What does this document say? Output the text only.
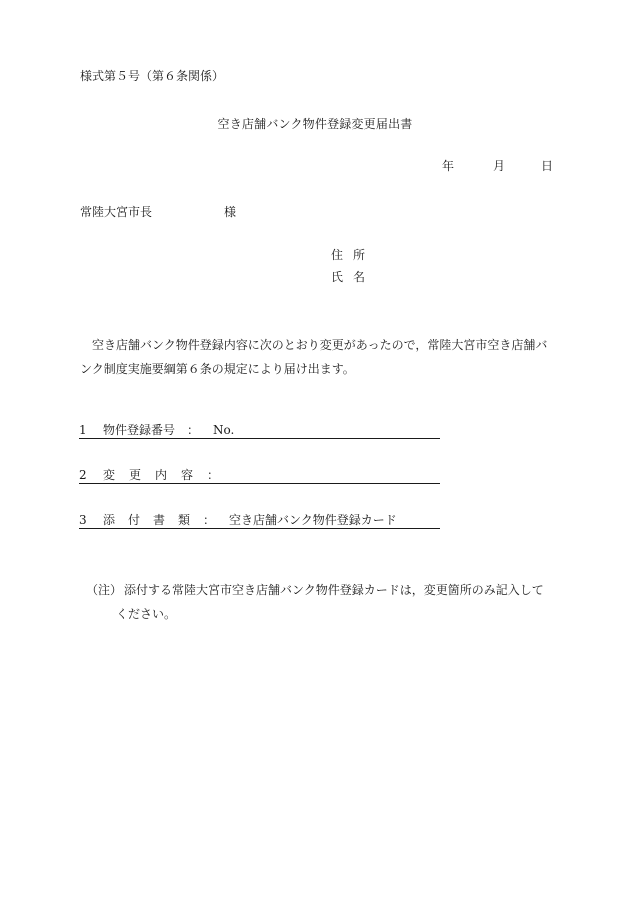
様式第５号（第６条関係）
空き店舗バンク物件登録変更届出書
年	月	日
常陸大宮市長	様
住所
氏名
空き店舗バンク物件登録内容に次のとおり変更があったので，常陸大宮市空き店舗バンク制度実施要綱第６条の規定により届け出ます。
1 物件登録番号 ： No.
2 変更内容：
3 添付書類： 空き店舗バンク物件登録カード
（注） 添付する常陸大宮市空き店舗バンク物件登録カードは，変更箇所のみ記入して
ください。
